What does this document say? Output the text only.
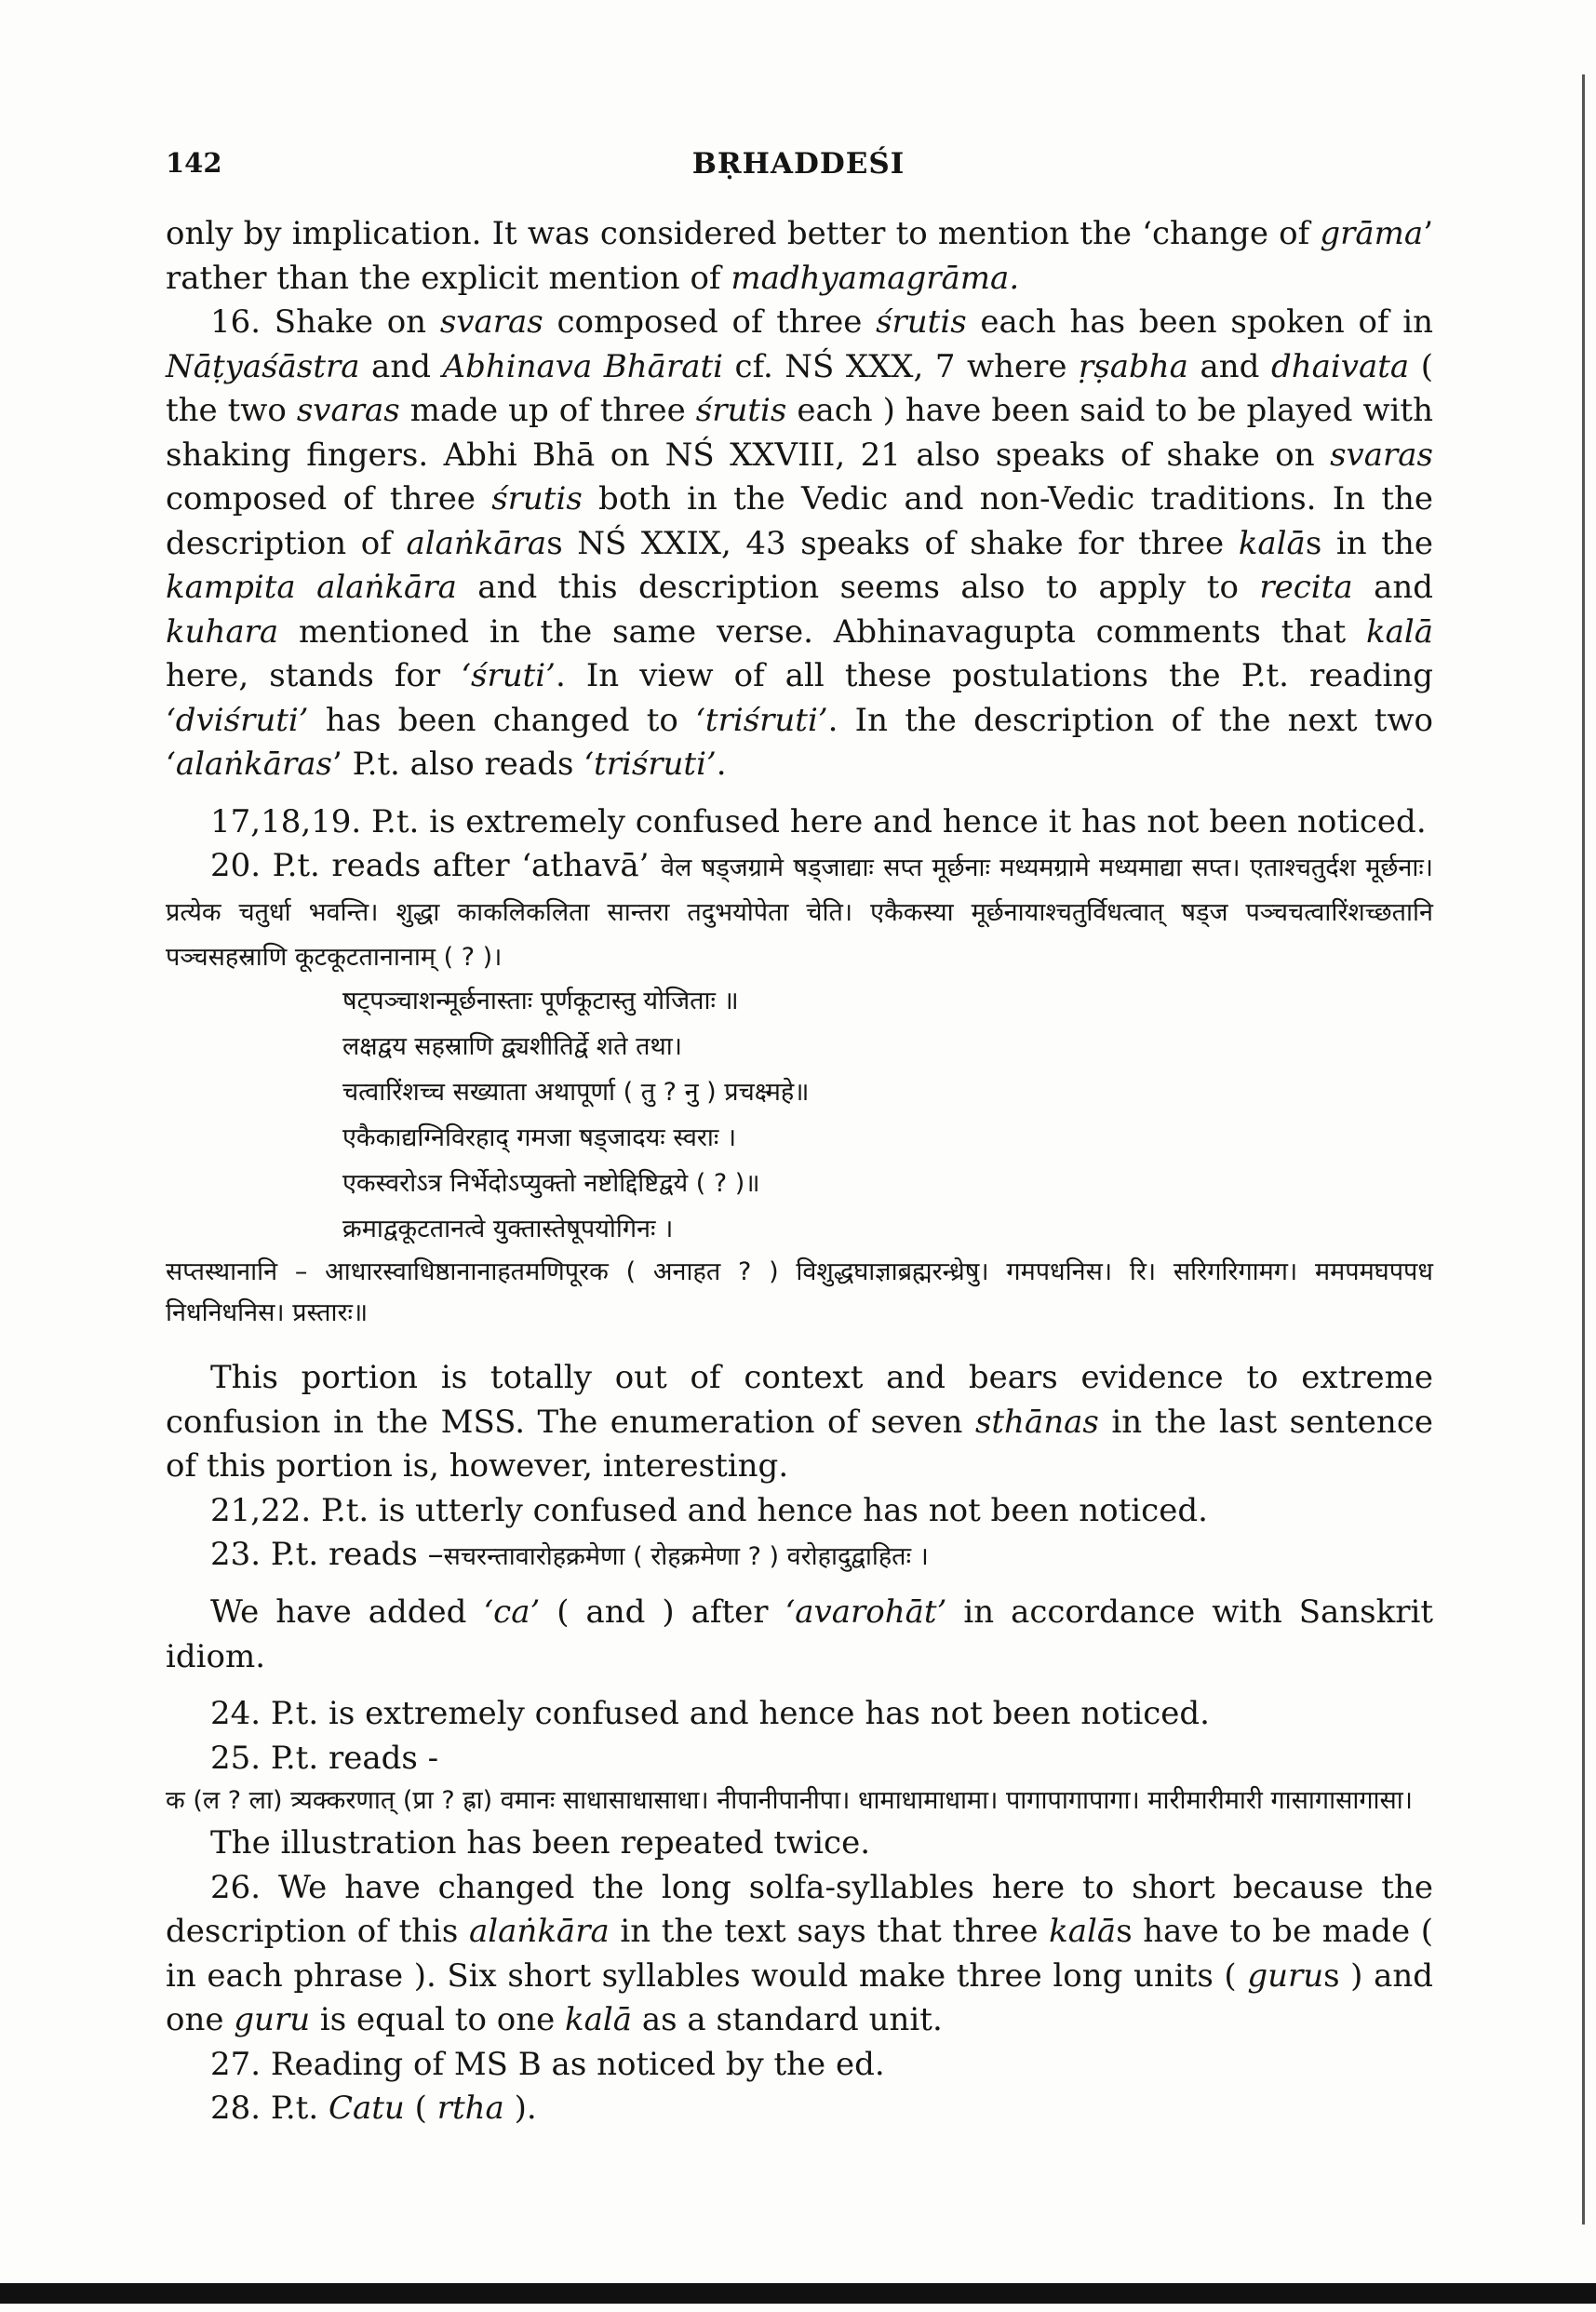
142	BṚHADDEŚI

only by implication. It was considered better to mention the ‘change of grāma’ rather than the explicit mention of madhyamagrāma.

16. Shake on svaras composed of three śrutis each has been spoken of in Nāṭyaśāstra and Abhinava Bhārati cf. NŚ XXX, 7 where ṛṣabha and dhaivata ( the two svaras made up of three śrutis each ) have been said to be played with shaking fingers. Abhi Bhā on NŚ XXVIII, 21 also speaks of shake on svaras composed of three śrutis both in the Vedic and non-Vedic traditions. In the description of alaṅkāras NŚ XXIX, 43 speaks of shake for three kalās in the kampita alaṅkāra and this description seems also to apply to recita and kuhara mentioned in the same verse. Abhinavagupta comments that kalā here, stands for ‘śruti’. In view of all these postulations the P.t. reading ‘dviśruti’ has been changed to ‘triśruti’. In the description of the next two ‘alaṅkāras’ P.t. also reads ‘triśruti’.

17,18,19. P.t. is extremely confused here and hence it has not been noticed.

20. P.t. reads after ‘athavā’ वेल षड्जग्रामे षड्जाद्याः सप्त मूर्छनाः मध्यमग्रामे मध्यमाद्या सप्त। एताश्चतुर्दश मूर्छनाः। प्रत्येक चतुर्धा भवन्ति। शुद्धा काकलिकलिता सान्तरा तदुभयोपेता चेति। एकैकस्या मूर्छनायाश्चतुर्विधत्वात् षड्ज पञ्चचत्वारिंशच्छतानि पञ्चसहस्राणि कूटकूटतानानाम् ( ? )।

षट्पञ्चाशन्मूर्छनास्ताः पूर्णकूटास्तु योजिताः ॥

लक्षद्वय सहस्राणि द्व्यशीतिर्द्वे शते तथा।

चत्वारिंशच्च सख्याता अथापूर्णा ( तु ? नु ) प्रचक्ष्महे॥

एकैकाद्यग्निविरहाद् गमजा षड्जादयः स्वराः ।

एकस्वरोऽत्र निर्भेदोऽप्युक्तो नष्टोद्दिष्टिद्वये ( ? )॥

क्रमाद्वकूटतानत्वे युक्तास्तेषूपयोगिनः ।

सप्तस्थानानि – आधारस्वाधिष्ठानानाहतमणिपूरक ( अनाहत ? ) विशुद्धघाज्ञाब्रह्मरन्ध्रेषु। गमपधनिस। रि। सरिगरिगामग। ममपमघपपध निधनिधनिस। प्रस्तारः॥

This portion is totally out of context and bears evidence to extreme confusion in the MSS. The enumeration of seven sthānas in the last sentence of this portion is, however, interesting.

21,22. P.t. is utterly confused and hence has not been noticed.

23. P.t. reads –सचरन्तावारोहक्रमेणा ( रोहक्रमेणा ? ) वरोहादुद्वाहितः ।

We have added ‘ca’ ( and ) after ‘avarohāt’ in accordance with Sanskrit idiom.

24. P.t. is extremely confused and hence has not been noticed.

25. P.t. reads -

क (ल ? ला) त्र्यक्करणात् (प्रा ? ह्रा) वमानः साधासाधासाधा। नीपानीपानीपा। धामाधामाधामा। पागापागापागा। मारीमारीमारी गासागासागासा।

The illustration has been repeated twice.

26. We have changed the long solfa-syllables here to short because the description of this alaṅkāra in the text says that three kalās have to be made ( in each phrase ). Six short syllables would make three long units ( gurus ) and one guru is equal to one kalā as a standard unit.

27. Reading of MS B as noticed by the ed.

28. P.t. Catu ( rtha ).
